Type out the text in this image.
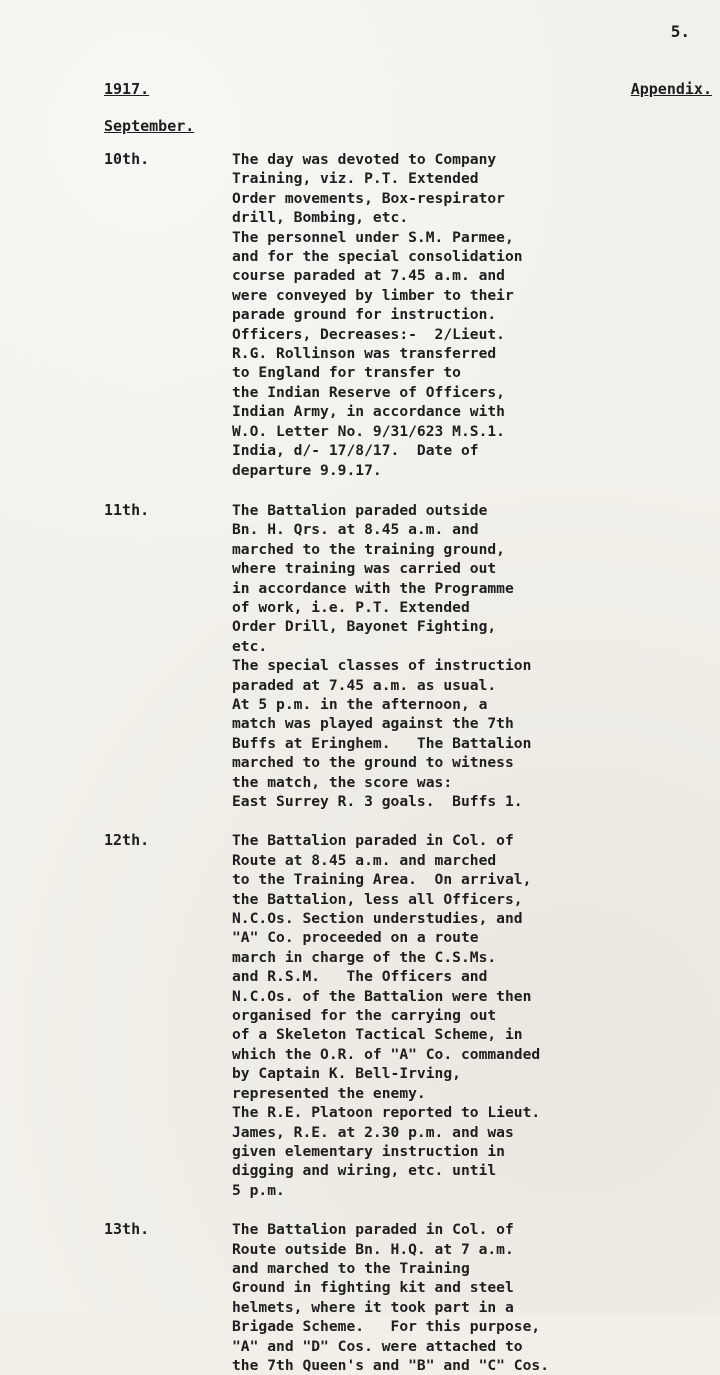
5.
1917.	Appendix.
September.
10th.	The day was devoted to Company
Training, viz. P.T. Extended
Order movements, Box-respirator
drill, Bombing, etc.
The personnel under S.M. Parmee,
and for the special consolidation
course paraded at 7.45 a.m. and
were conveyed by limber to their
parade ground for instruction.
Officers, Decreases:-  2/Lieut.
R.G. Rollinson was transferred
to England for transfer to
the Indian Reserve of Officers,
Indian Army, in accordance with
W.O. Letter No. 9/31/623 M.S.1.
India, d/- 17/8/17.  Date of
departure 9.9.17.
11th.	The Battalion paraded outside
Bn. H. Qrs. at 8.45 a.m. and
marched to the training ground,
where training was carried out
in accordance with the Programme
of work, i.e. P.T. Extended
Order Drill, Bayonet Fighting,
etc.
The special classes of instruction
paraded at 7.45 a.m. as usual.
At 5 p.m. in the afternoon, a
match was played against the 7th
Buffs at Eringhem.   The Battalion
marched to the ground to witness
the match, the score was:
East Surrey R. 3 goals.  Buffs 1.
12th.	The Battalion paraded in Col. of
Route at 8.45 a.m. and marched
to the Training Area.  On arrival,
the Battalion, less all Officers,
N.C.Os. Section understudies, and
"A" Co. proceeded on a route
march in charge of the C.S.Ms.
and R.S.M.   The Officers and
N.C.Os. of the Battalion were then
organised for the carrying out
of a Skeleton Tactical Scheme, in
which the O.R. of "A" Co. commanded
by Captain K. Bell-Irving,
represented the enemy.
The R.E. Platoon reported to Lieut.
James, R.E. at 2.30 p.m. and was
given elementary instruction in
digging and wiring, etc. until
5 p.m.
13th.	The Battalion paraded in Col. of
Route outside Bn. H.Q. at 7 a.m.
and marched to the Training
Ground in fighting kit and steel
helmets, where it took part in a
Brigade Scheme.   For this purpose,
"A" and "D" Cos. were attached to
the 7th Queen's and "B" and "C" Cos.
